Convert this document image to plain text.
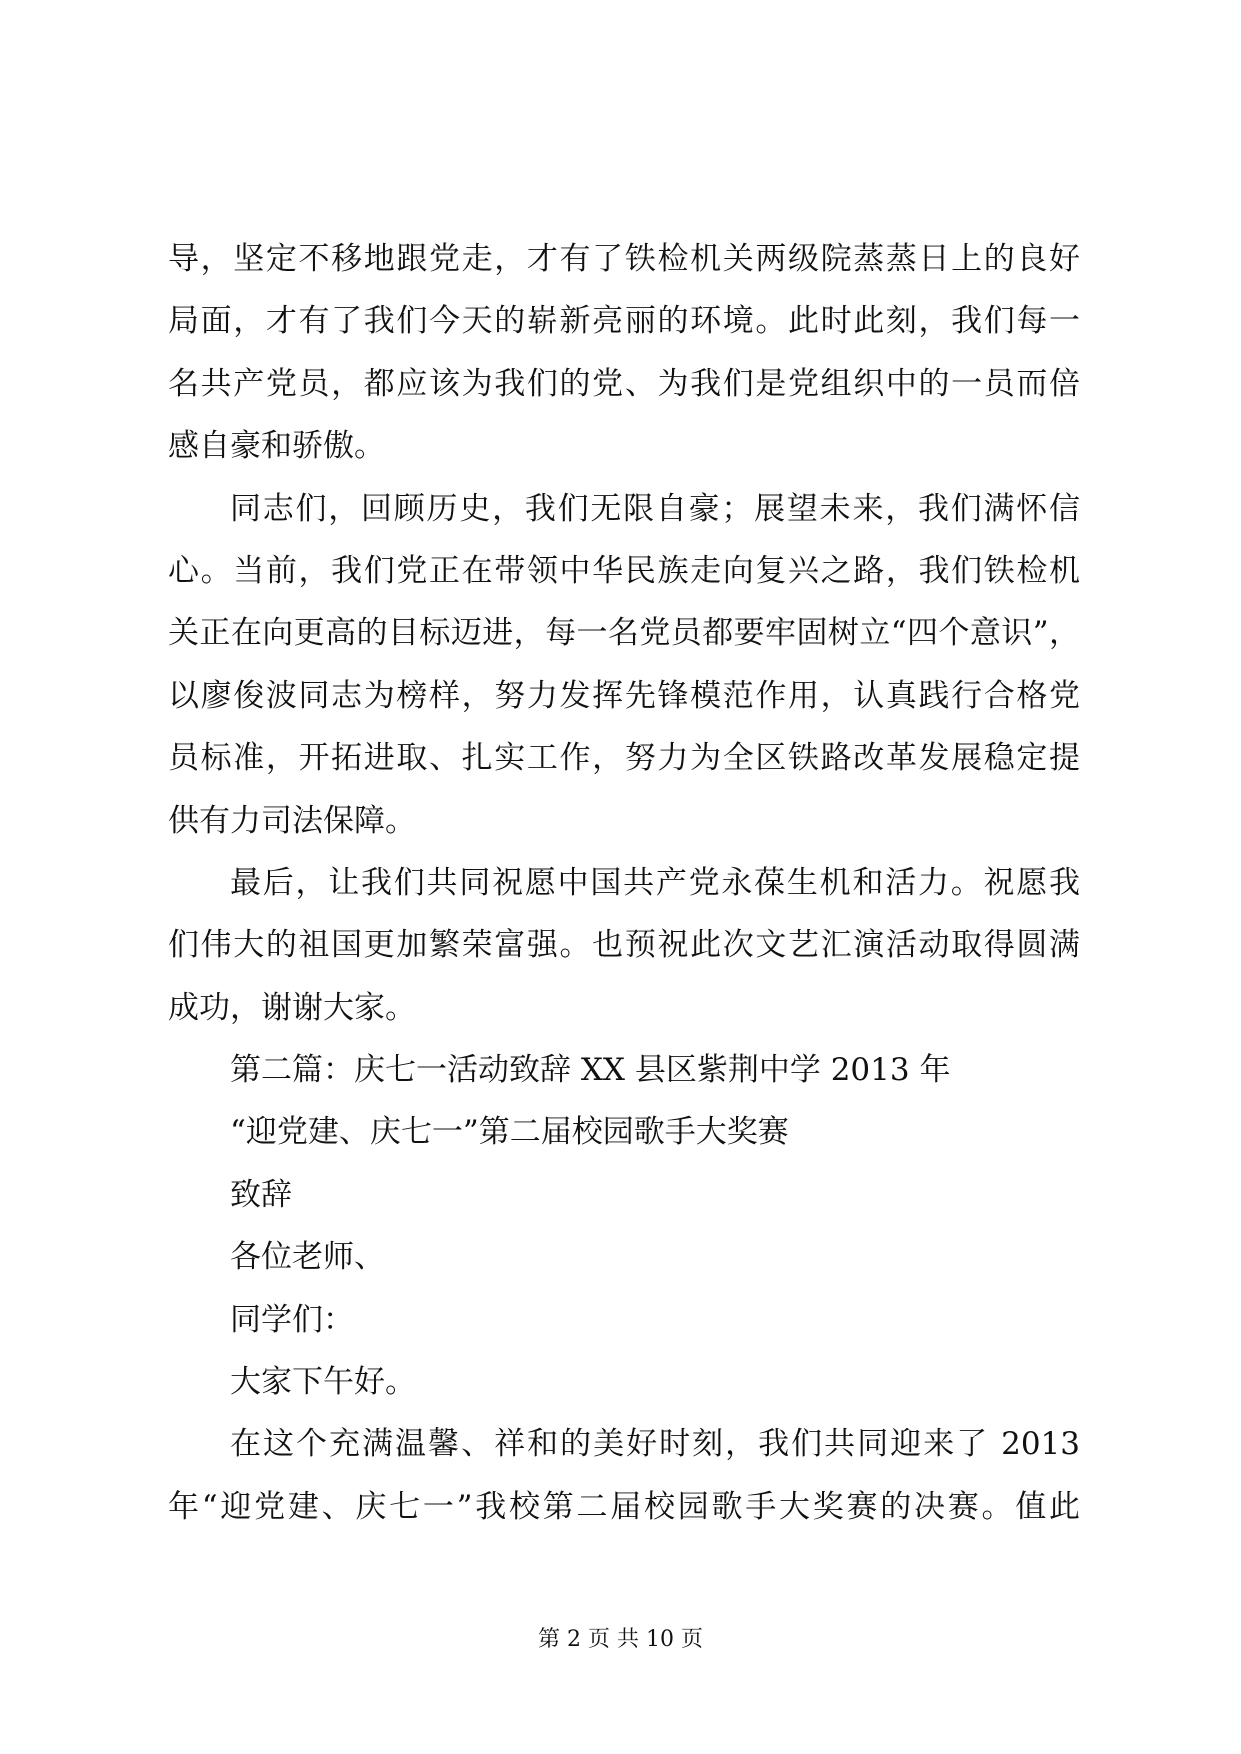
导，坚定不移地跟党走，才有了铁检机关两级院蒸蒸日上的良好
局面，才有了我们今天的崭新亮丽的环境。此时此刻，我们每一
名共产党员，都应该为我们的党、为我们是党组织中的一员而倍
感自豪和骄傲。
同志们，回顾历史，我们无限自豪；展望未来，我们满怀信
心。当前，我们党正在带领中华民族走向复兴之路，我们铁检机
关正在向更高的目标迈进，每一名党员都要牢固树立“四个意识”，
以廖俊波同志为榜样，努力发挥先锋模范作用，认真践行合格党
员标准，开拓进取、扎实工作，努力为全区铁路改革发展稳定提
供有力司法保障。
最后，让我们共同祝愿中国共产党永葆生机和活力。祝愿我
们伟大的祖国更加繁荣富强。也预祝此次文艺汇演活动取得圆满
成功，谢谢大家。
第二篇：庆七一活动致辞 XX 县区紫荆中学 2013 年
“迎党建、庆七一”第二届校园歌手大奖赛
致辞
各位老师、
同学们：
大家下午好。
在这个充满温馨、祥和的美好时刻，我们共同迎来了 2013
年“迎党建、庆七一”我校第二届校园歌手大奖赛的决赛。值此
第 2 页 共 10 页
